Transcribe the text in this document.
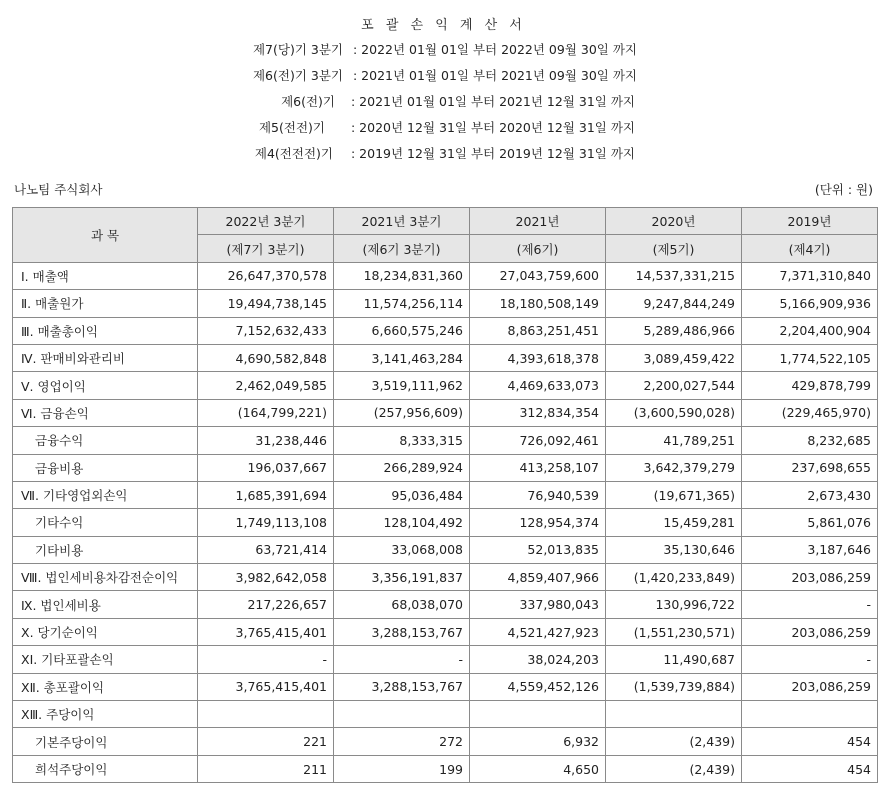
포 괄 손 익 계 산 서
제7(당)기 3분기 : 2022년 01월 01일 부터 2022년 09월 30일 까지
제6(전)기 3분기 : 2021년 01월 01일 부터 2021년 09월 30일 까지
제6(전)기 : 2021년 01월 01일 부터 2021년 12월 31일 까지
제5(전전)기 : 2020년 12월 31일 부터 2020년 12월 31일 까지
제4(전전전)기 : 2019년 12월 31일 부터 2019년 12월 31일 까지
나노팀 주식회사	(단위 : 원)
과 목	2022년 3분기	2021년 3분기	2021년	2020년	2019년
	(제7기 3분기)	(제6기 3분기)	(제6기)	(제5기)	(제4기)
Ⅰ. 매출액	26,647,370,578	18,234,831,360	27,043,759,600	14,537,331,215	7,371,310,840
Ⅱ. 매출원가	19,494,738,145	11,574,256,114	18,180,508,149	9,247,844,249	5,166,909,936
Ⅲ. 매출총이익	7,152,632,433	6,660,575,246	8,863,251,451	5,289,486,966	2,204,400,904
Ⅳ. 판매비와관리비	4,690,582,848	3,141,463,284	4,393,618,378	3,089,459,422	1,774,522,105
Ⅴ. 영업이익	2,462,049,585	3,519,111,962	4,469,633,073	2,200,027,544	429,878,799
Ⅵ. 금융손익	(164,799,221)	(257,956,609)	312,834,354	(3,600,590,028)	(229,465,970)
금융수익	31,238,446	8,333,315	726,092,461	41,789,251	8,232,685
금융비용	196,037,667	266,289,924	413,258,107	3,642,379,279	237,698,655
Ⅶ. 기타영업외손익	1,685,391,694	95,036,484	76,940,539	(19,671,365)	2,673,430
기타수익	1,749,113,108	128,104,492	128,954,374	15,459,281	5,861,076
기타비용	63,721,414	33,068,008	52,013,835	35,130,646	3,187,646
Ⅷ. 법인세비용차감전순이익	3,982,642,058	3,356,191,837	4,859,407,966	(1,420,233,849)	203,086,259
Ⅸ. 법인세비용	217,226,657	68,038,070	337,980,043	130,996,722	-
Ⅹ. 당기순이익	3,765,415,401	3,288,153,767	4,521,427,923	(1,551,230,571)	203,086,259
ⅩⅠ. 기타포괄손익	-	-	38,024,203	11,490,687	-
ⅩⅡ. 총포괄이익	3,765,415,401	3,288,153,767	4,559,452,126	(1,539,739,884)	203,086,259
ⅩⅢ. 주당이익					
기본주당이익	221	272	6,932	(2,439)	454
희석주당이익	211	199	4,650	(2,439)	454
